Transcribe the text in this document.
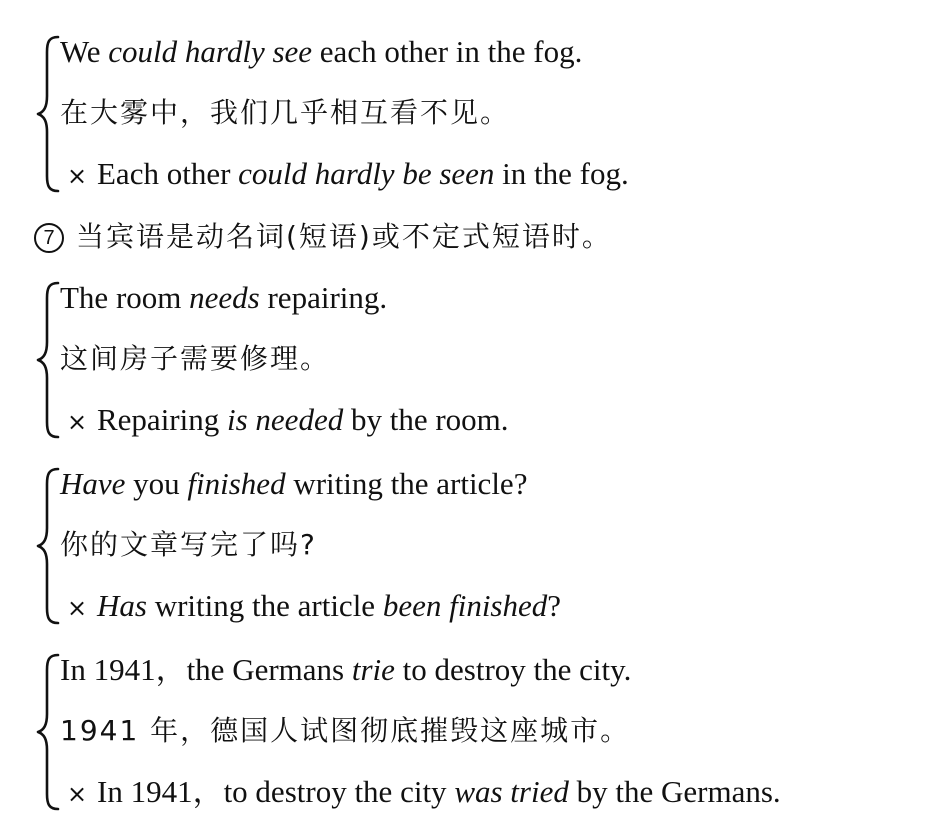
We could hardly see each other in the fog.
在大雾中，我们几乎相互看不见。
× Each other could hardly be seen in the fog.
7 当宾语是动名词(短语)或不定式短语时。
The room needs repairing.
这间房子需要修理。
× Repairing is needed by the room.
Have you finished writing the article?
你的文章写完了吗?
× Has writing the article been finished?
In 1941，the Germans trie to destroy the city.
1941 年，德国人试图彻底摧毁这座城市。
× In 1941，to destroy the city was tried by the Germans.
